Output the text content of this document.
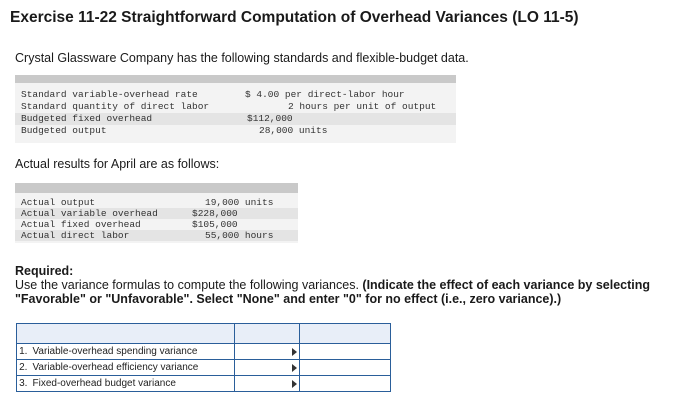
Exercise 11-22 Straightforward Computation of Overhead Variances (LO 11-5)
Crystal Glassware Company has the following standards and flexible-budget data.
Standard variable-overhead rate	$ 4.00 per direct-labor hour
Standard quantity of direct labor	2 hours per unit of output
Budgeted fixed overhead	$112,000
Budgeted output	28,000 units
Actual results for April are as follows:
Actual output	19,000 units
Actual variable overhead	$228,000
Actual fixed overhead	$105,000
Actual direct labor	55,000 hours
Required:
Use the variance formulas to compute the following variances. (Indicate the effect of each variance by selecting "Favorable" or "Unfavorable". Select "None" and enter "0" for no effect (i.e., zero variance).)

1.	Variable-overhead spending variance	

2.	Variable-overhead efficiency variance	

3.	Fixed-overhead budget variance	
